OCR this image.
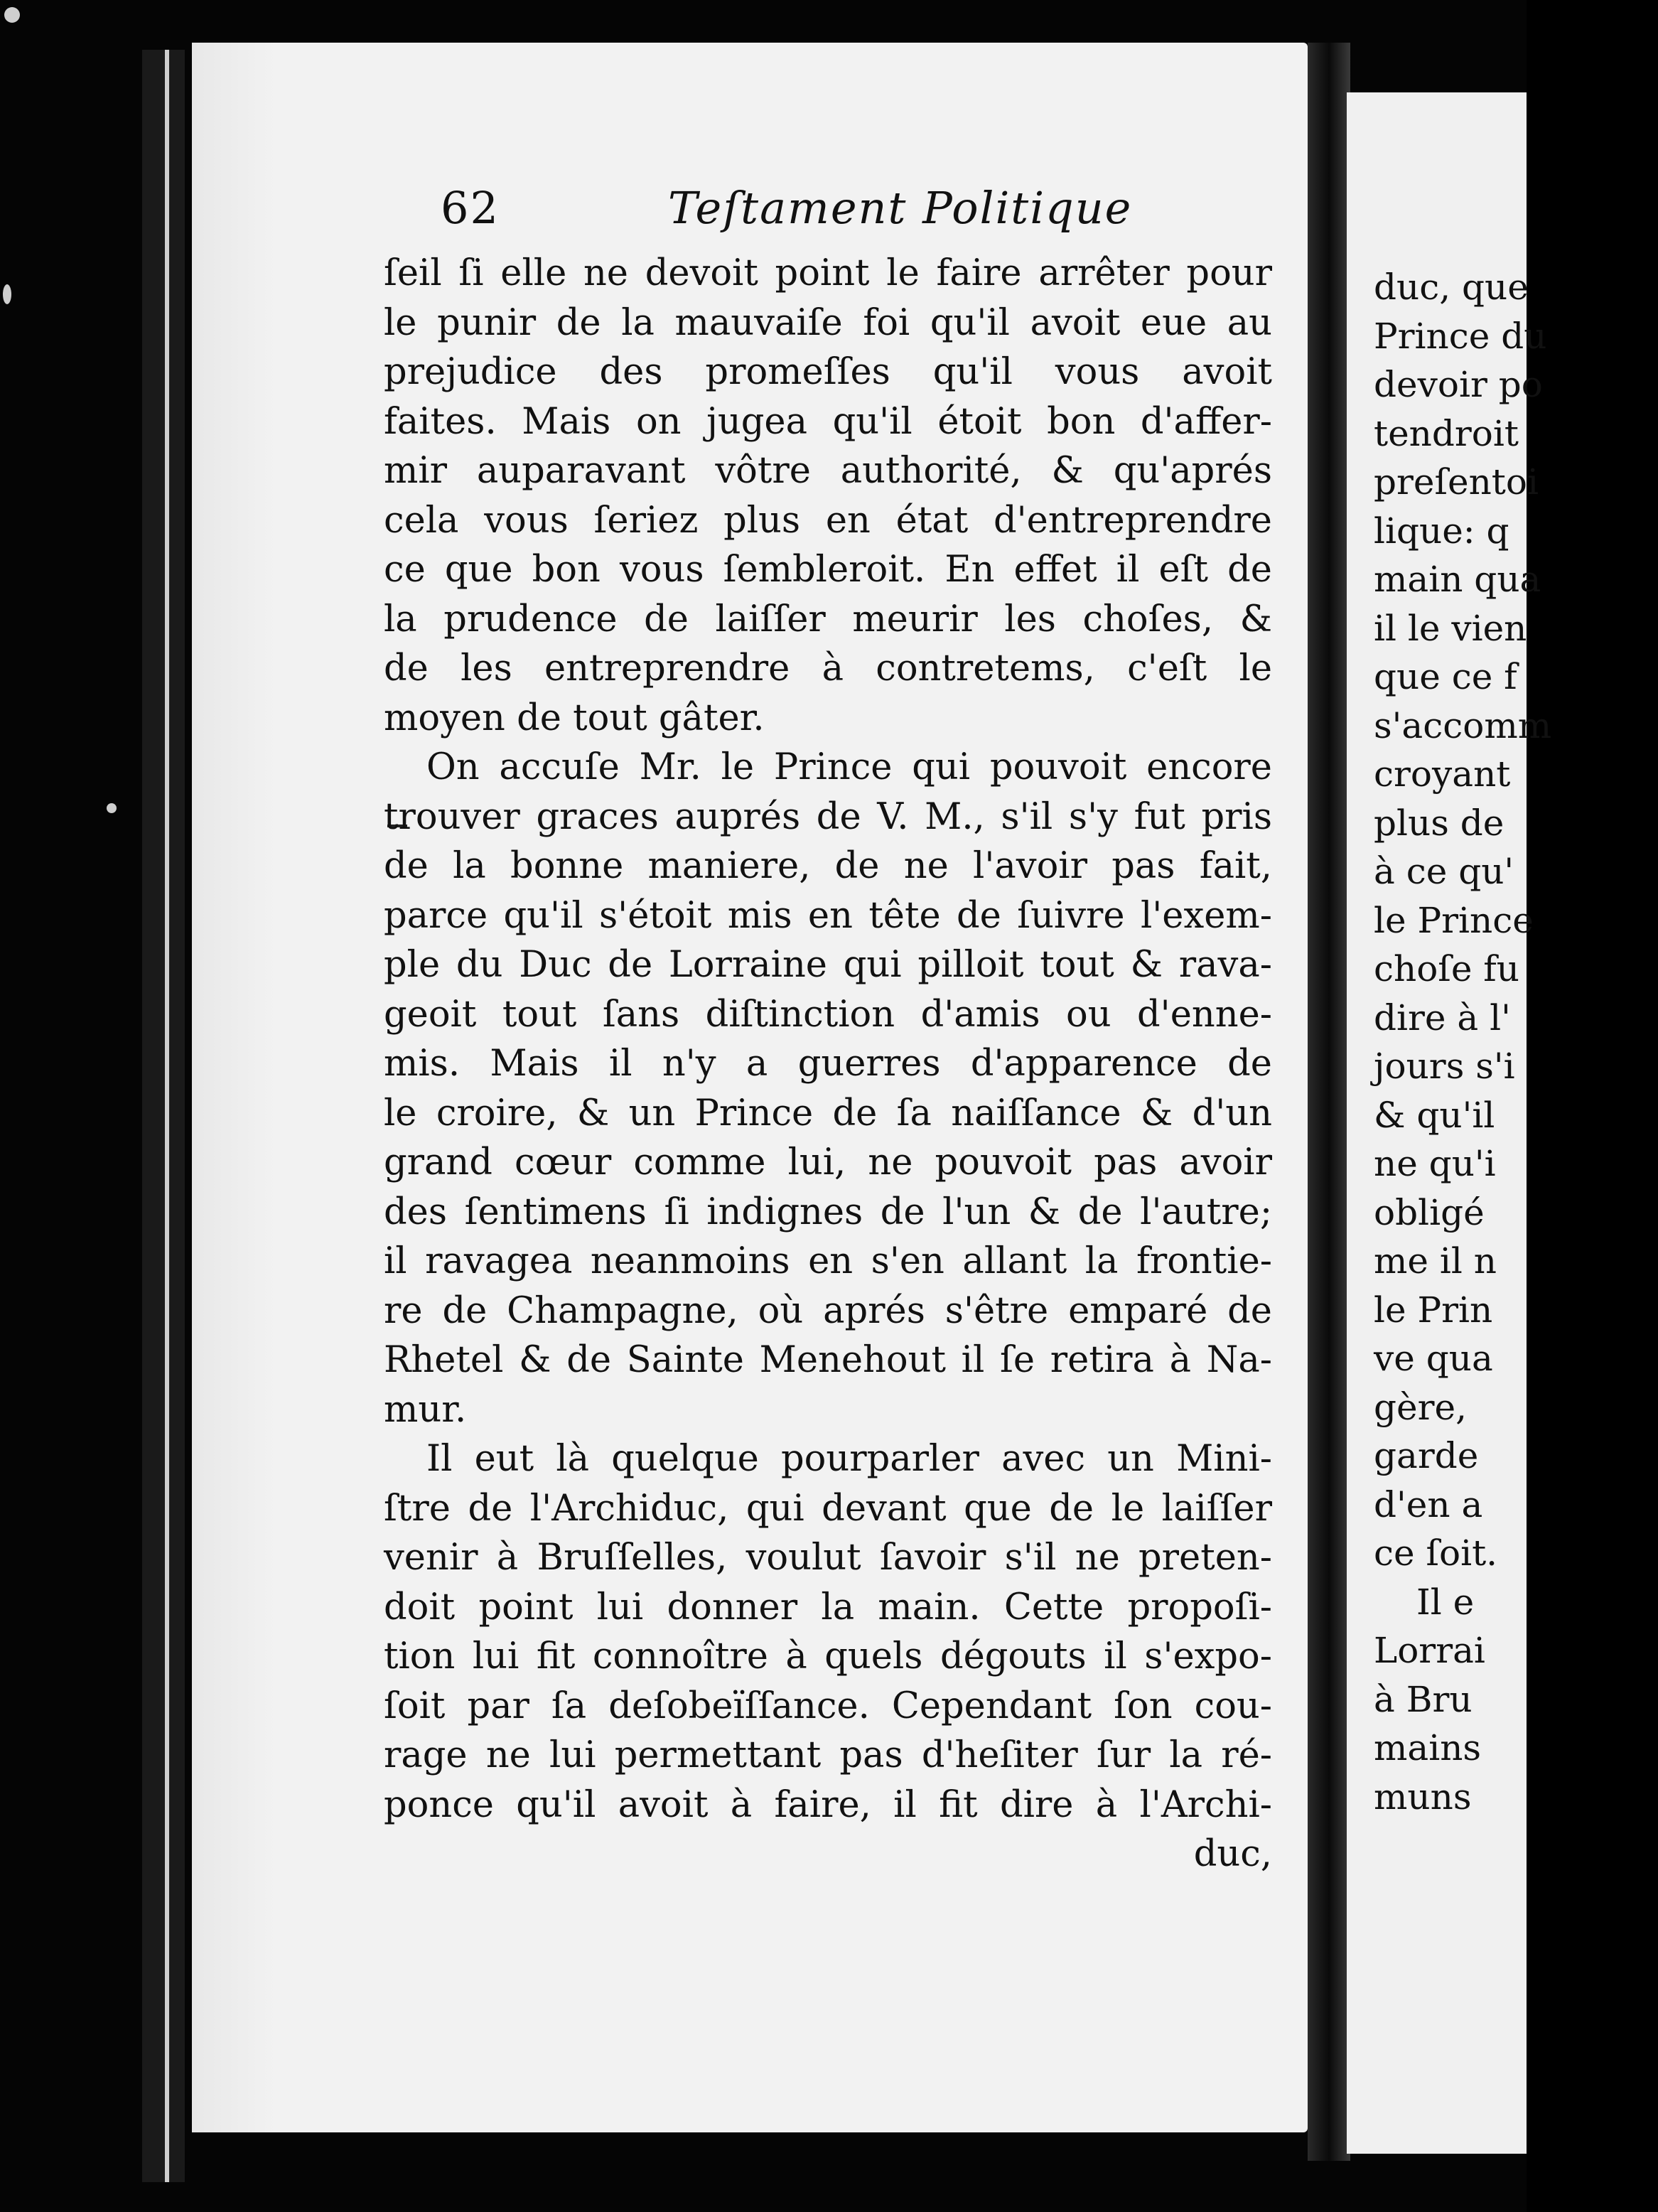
duc, que
Prince du
devoir po
tendroit
preſentoi
lique: q
main qua
il le vien
que ce f
s'accomm
croyant
plus de
à ce qu'
le Prince
choſe fu
dire à l'
jours s'i
& qu'il
ne qu'i
obligé
me il n
le Prin
ve qua
gère,
garde
d'en a
ce ſoit.
Il e
Lorrai
à Bru
mains
muns
62	Teſtament Politique
ſeil ſi elle ne devoit point le faire arrêter pour
le punir de la mauvaiſe foi qu'il avoit eue au
prejudice des promeſſes qu'il vous avoit
faites. Mais on jugea qu'il étoit bon d'affer-
mir auparavant vôtre authorité, & qu'aprés
cela vous ſeriez plus en état d'entreprendre
ce que bon vous ſembleroit. En effet il eſt de
la prudence de laiſſer meurir les choſes, &
de les entreprendre à contretems, c'eſt le
moyen de tout gâter.
On accuſe Mr. le Prince qui pouvoit encore
trouver graces auprés de V. M., s'il s'y fut pris
de la bonne maniere, de ne l'avoir pas fait,
parce qu'il s'étoit mis en tête de ſuivre l'exem-
ple du Duc de Lorraine qui pilloit tout & rava-
geoit tout ſans diſtinction d'amis ou d'enne-
mis. Mais il n'y a guerres d'apparence de
le croire, & un Prince de ſa naiſſance & d'un
grand cœur comme lui, ne pouvoit pas avoir
des ſentimens ſi indignes de l'un & de l'autre;
il ravagea neanmoins en s'en allant la frontie-
re de Champagne, où aprés s'être emparé de
Rhetel & de Sainte Menehout il ſe retira à Na-
mur.
Il eut là quelque pourparler avec un Mini-
ſtre de l'Archiduc, qui devant que de le laiſſer
venir à Bruſſelles, voulut ſavoir s'il ne preten-
doit point lui donner la main. Cette propoſi-
tion lui fit connoître à quels dégouts il s'expo-
ſoit par ſa deſobeïſſance. Cependant ſon cou-
rage ne lui permettant pas d'heſiter ſur la ré-
ponce qu'il avoit à faire, il fit dire à l'Archi-
duc,
